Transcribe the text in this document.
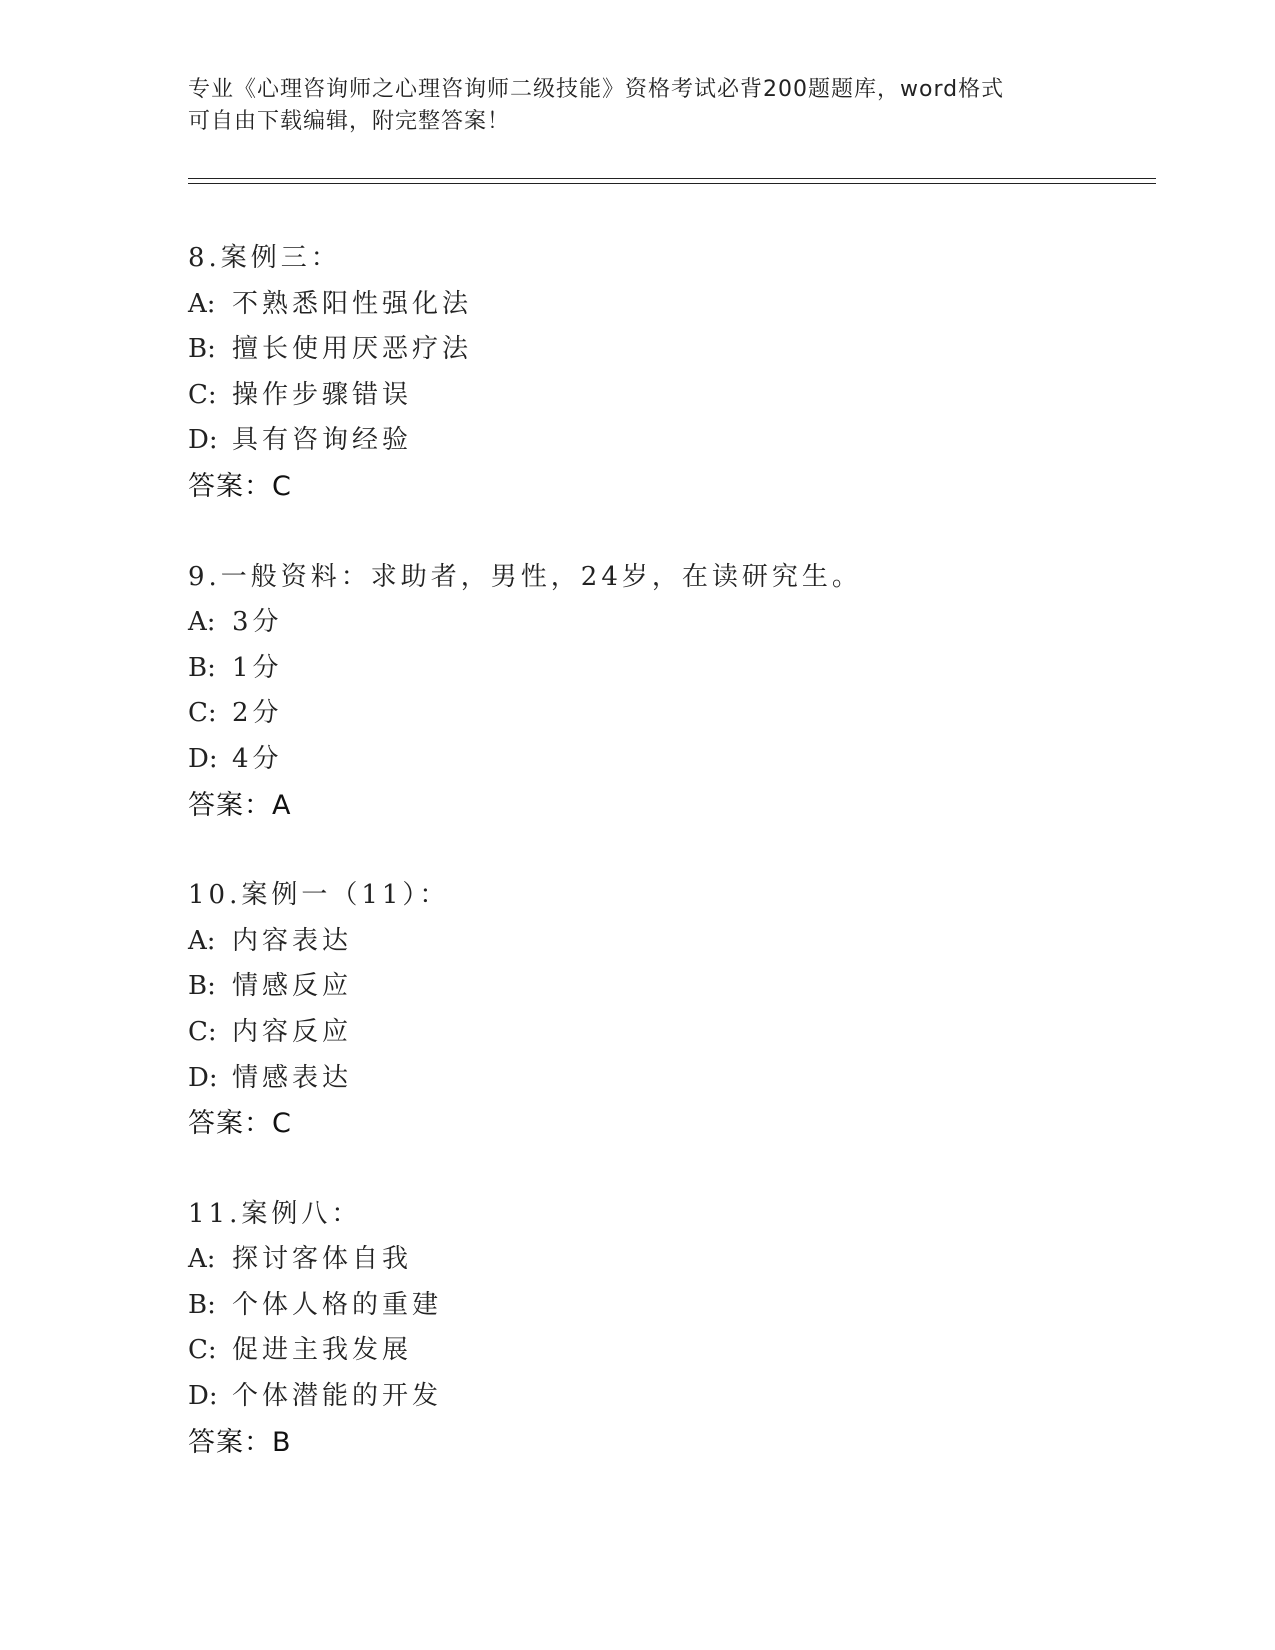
专业《心理咨询师之心理咨询师二级技能》资格考试必背200题题库，word格式
可自由下载编辑，附完整答案！
8.案例三：
A: 不熟悉阳性强化法
B: 擅长使用厌恶疗法
C: 操作步骤错误
D: 具有咨询经验
答案：C
9.一般资料：求助者，男性，24岁，在读研究生。
A: 3分
B: 1分
C: 2分
D: 4分
答案：A
10.案例一（11）：
A: 内容表达
B: 情感反应
C: 内容反应
D: 情感表达
答案：C
11.案例八：
A: 探讨客体自我
B: 个体人格的重建
C: 促进主我发展
D: 个体潜能的开发
答案：B
